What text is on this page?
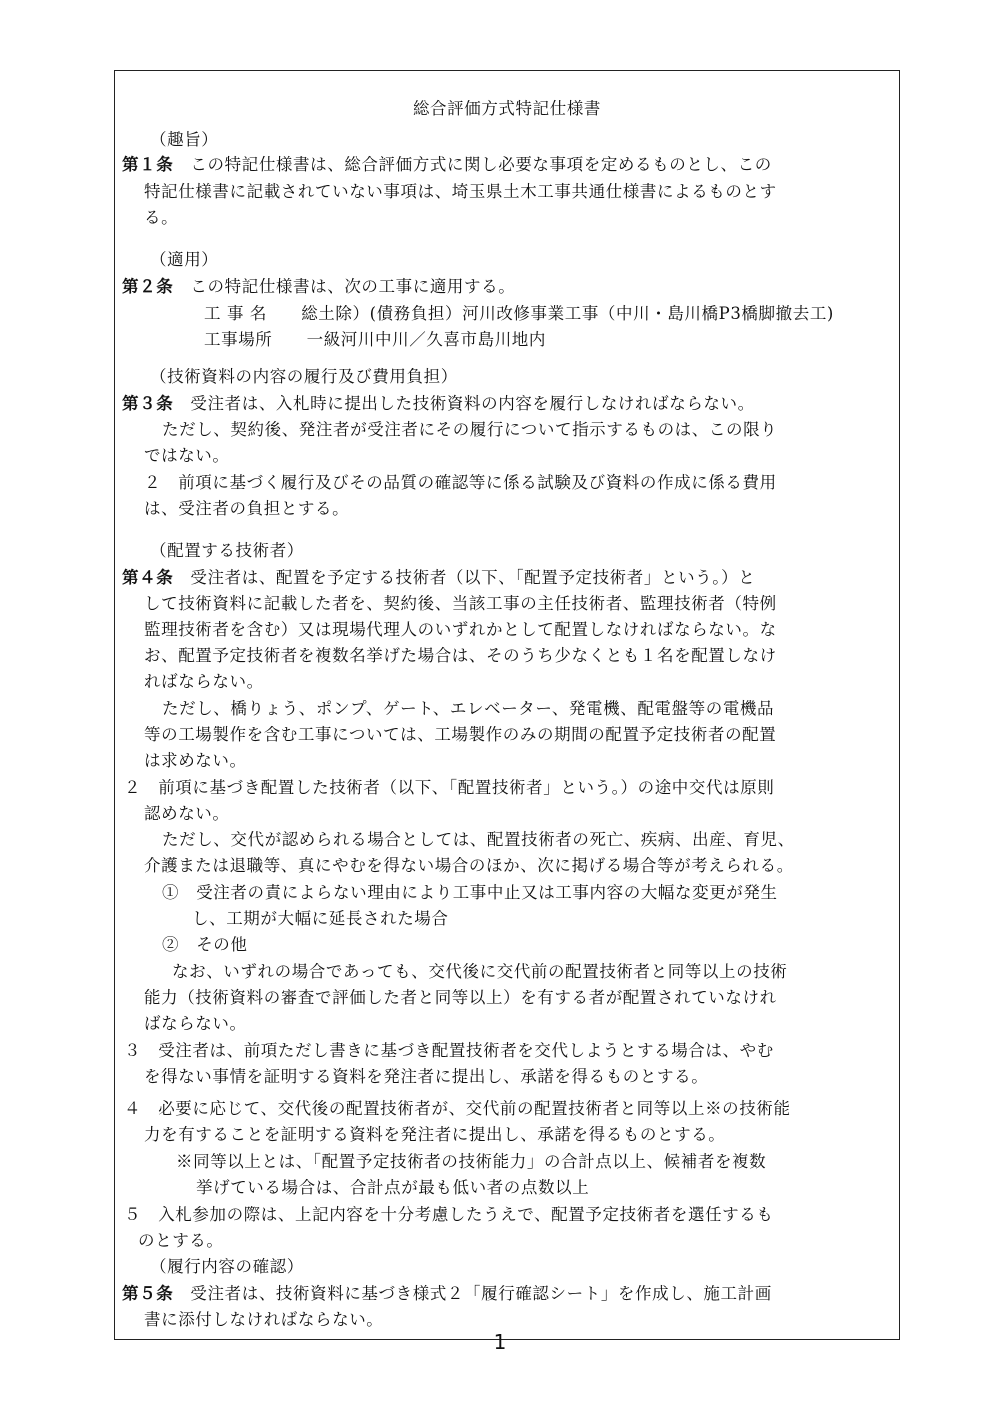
総合評価方式特記仕様書
（趣旨）
第１条　 この特記仕様書は、総合評価方式に関し必要な事項を定めるものとし、この
特記仕様書に記載されていない事項は、埼玉県土木工事共通仕様書によるものとす
る。
（適用）
第２条　 この特記仕様書は、次の工事に適用する。
工 事 名　　総土除）(債務負担）河川改修事業工事（中川・島川橋P3橋脚撤去工)
工事場所　　一級河川中川／久喜市島川地内
（技術資料の内容の履行及び費用負担）
第３条　 受注者は、入札時に提出した技術資料の内容を履行しなければならない。
ただし、契約後、発注者が受注者にその履行について指示するものは、この限り
ではない。
２　前項に基づく履行及びその品質の確認等に係る試験及び資料の作成に係る費用
は、受注者の負担とする。
（配置する技術者）
第４条　 受注者は、配置を予定する技術者（以下、「配置予定技術者」という。）と
して技術資料に記載した者を、契約後、当該工事の主任技術者、監理技術者（特例
監理技術者を含む）又は現場代理人のいずれかとして配置しなければならない。な
お、配置予定技術者を複数名挙げた場合は、そのうち少なくとも１名を配置しなけ
ればならない。
ただし、橋りょう、ポンプ、ゲート、エレベーター、発電機、配電盤等の電機品
等の工場製作を含む工事については、工場製作のみの期間の配置予定技術者の配置
は求めない。
２　前項に基づき配置した技術者（以下、「配置技術者」という。）の途中交代は原則
認めない。
ただし、交代が認められる場合としては、配置技術者の死亡、疾病、出産、育児、
介護または退職等、真にやむを得ない場合のほか、次に掲げる場合等が考えられる。
①　受注者の責によらない理由により工事中止又は工事内容の大幅な変更が発生
し、工期が大幅に延長された場合
②　その他
なお、いずれの場合であっても、交代後に交代前の配置技術者と同等以上の技術
能力（技術資料の審査で評価した者と同等以上）を有する者が配置されていなけれ
ばならない。
３　受注者は、前項ただし書きに基づき配置技術者を交代しようとする場合は、やむ
を得ない事情を証明する資料を発注者に提出し、承諾を得るものとする。
４　必要に応じて、交代後の配置技術者が、交代前の配置技術者と同等以上※の技術能
力を有することを証明する資料を発注者に提出し、承諾を得るものとする。
※同等以上とは、「配置予定技術者の技術能力」の合計点以上、候補者を複数
挙げている場合は、合計点が最も低い者の点数以上
５　入札参加の際は、上記内容を十分考慮したうえで、配置予定技術者を選任するも
のとする。
（履行内容の確認）
第５条　 受注者は、技術資料に基づき様式２「履行確認シート」を作成し、施工計画
書に添付しなければならない。
1
